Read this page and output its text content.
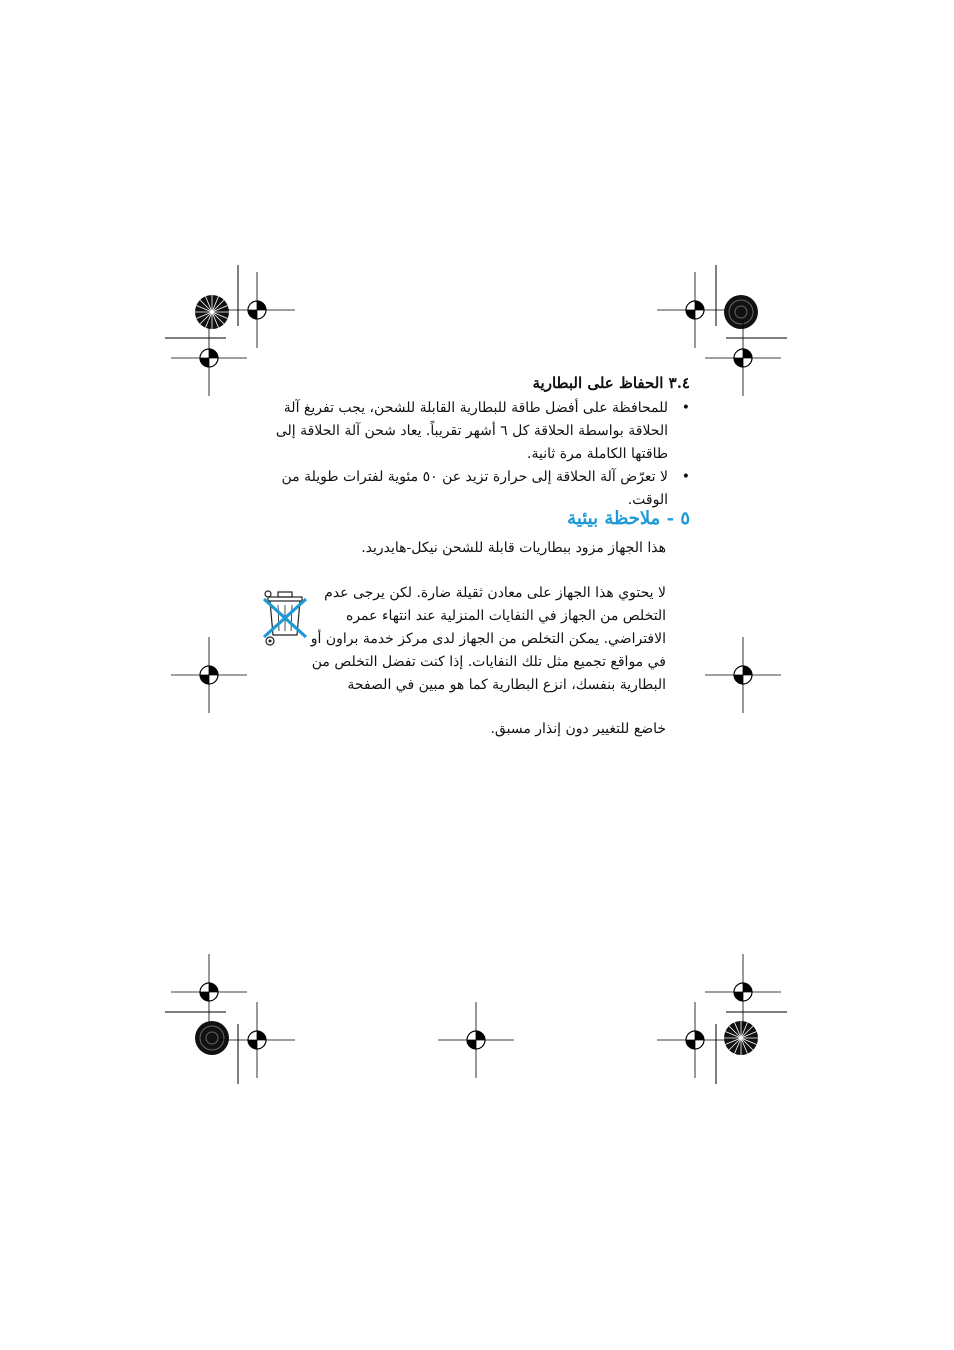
٣.٤ الحفاظ على البطارية
•
للمحافظة على أفضل طاقة للبطارية القابلة للشحن، يجب تفريغ آلة الحلاقة بواسطة الحلاقة كل ٦ أشهر تقريباً. يعاد شحن آلة الحلاقة إلى طاقتها الكاملة مرة ثانية.
•
لا تعرّض آلة الحلاقة إلى حرارة تزيد عن ٥٠ مئوية لفترات طويلة من الوقت.
٥ - ملاحظة بيئية
هذا الجهاز مزود ببطاريات قابلة للشحن نيكل-هايدريد.
لا يحتوي هذا الجهاز على معادن ثقيلة ضارة. لكن يرجى عدم التخلص من الجهاز في النفايات المنزلية عند انتهاء عمره الافتراضي. يمكن التخلص من الجهاز لدى مركز خدمة براون أو في مواقع تجميع مثل تلك النفايات. إذا كنت تفضل التخلص من البطارية بنفسك، انزع البطارية كما هو مبين في الصفحة
خاضع للتغيير دون إنذار مسبق.
